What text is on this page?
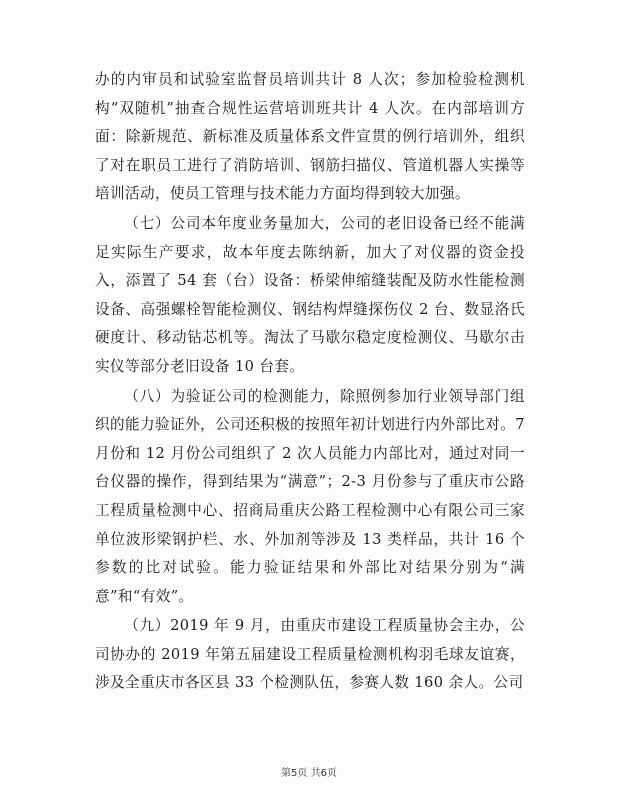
办的内审员和试验室监督员培训共计 8 人次；参加检验检测机构“双随机”抽查合规性运营培训班共计 4 人次。在内部培训方面：除新规范、新标准及质量体系文件宣贯的例行培训外，组织了对在职员工进行了消防培训、钢筋扫描仪、管道机器人实操等培训活动，使员工管理与技术能力方面均得到较大加强。

（七）公司本年度业务量加大，公司的老旧设备已经不能满足实际生产要求，故本年度去陈纳新，加大了对仪器的资金投入，添置了 54 套（台）设备：桥梁伸缩缝装配及防水性能检测设备、高强螺栓智能检测仪、钢结构焊缝探伤仪 2 台、数显洛氏硬度计、移动钻芯机等。淘汰了马歇尔稳定度检测仪、马歇尔击实仪等部分老旧设备 10 台套。

（八）为验证公司的检测能力，除照例参加行业领导部门组织的能力验证外，公司还积极的按照年初计划进行内外部比对。7 月份和 12 月份公司组织了 2 次人员能力内部比对，通过对同一台仪器的操作，得到结果为“满意”；2-3 月份参与了重庆市公路工程质量检测中心、招商局重庆公路工程检测中心有限公司三家单位波形梁钢护栏、水、外加剂等涉及 13 类样品，共计 16 个参数的比对试验。能力验证结果和外部比对结果分别为“满意”和“有效”。

（九）2019 年 9 月，由重庆市建设工程质量协会主办，公司协办的 2019 年第五届建设工程质量检测机构羽毛球友谊赛，涉及全重庆市各区县 33 个检测队伍，参赛人数 160 余人。公司

第5页 共6页
